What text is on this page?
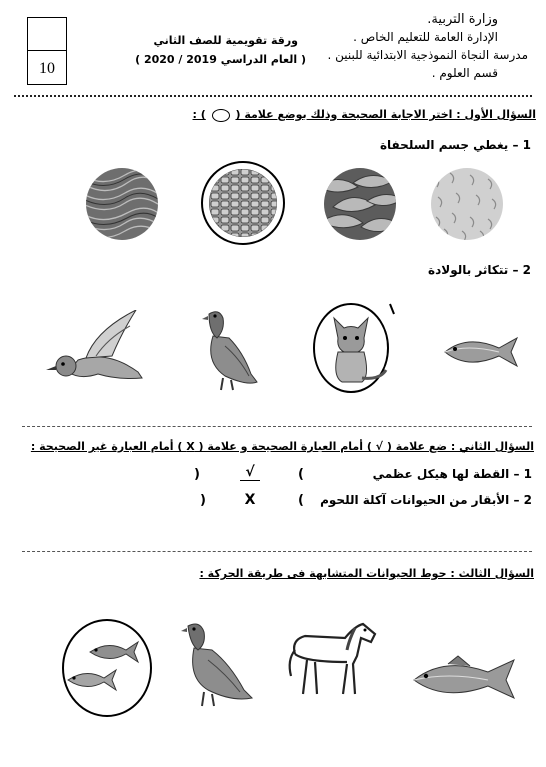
10
وزارة التربية.
الإدارة العامة للتعليم الخاص .
مدرسة النجاة النموذجية الابتدائية للبنين .
قسم العلوم .
ورقة تقويمية للصف الثاني
( العام الدراسي 2019 / 2020 )
السؤال الأول : اختر الاجابة الصحيحة وذلك بوضع علامة (  ) :
1 – يغطي جسم السلحفاة
2 – تتكاثر بالولادة
السؤال الثاني : ضع علامة ( √ ) أمام العبارة الصحيحة و علامة ( X ) أمام العبارة غير الصحيحة :
1 – القطة لها هيكل عظمي
(
√
)
2 – الأبقار من الحيوانات آكلة اللحوم
(
X
)
السؤال الثالث : حوط الحيوانات المتشابهة فى طريقة الحركة :
